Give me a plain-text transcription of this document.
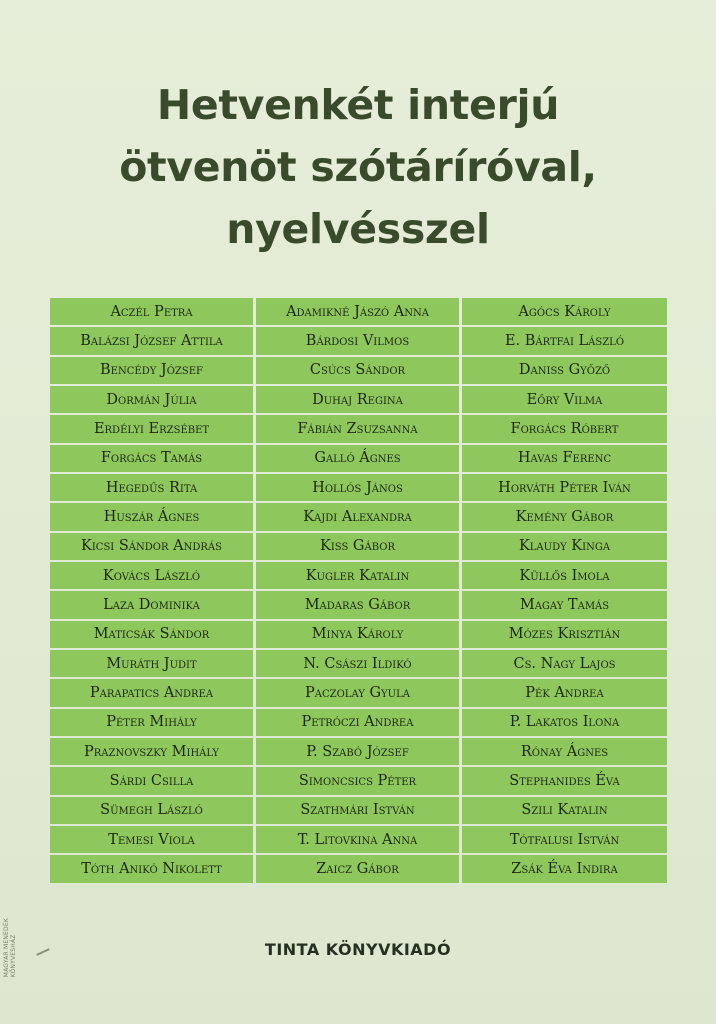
Hetvenkét interjú
ötvenöt szótáríróval,
nyelvésszel
Aczél Petra	Adamikné Jászó Anna	Agócs Károly
Balázsi József Attila	Bárdosi Vilmos	E. Bártfai László
Bencédy József	Csúcs Sándor	Daniss Győző
Dormán Júlia	Duhaj Regina	Eőry Vilma
Erdélyi Erzsébet	Fábián Zsuzsanna	Forgács Róbert
Forgács Tamás	Galló Ágnes	Havas Ferenc
Hegedűs Rita	Hollós János	Horváth Péter Iván
Huszár Ágnes	Kajdi Alexandra	Kemény Gábor
Kicsi Sándor András	Kiss Gábor	Klaudy Kinga
Kovács László	Kugler Katalin	Küllős Imola
Laza Dominika	Madaras Gábor	Magay Tamás
Maticsák Sándor	Minya Károly	Mózes Krisztián
Muráth Judit	N. Császi Ildikó	Cs. Nagy Lajos
Parapatics Andrea	Paczolay Gyula	Pék Andrea
Péter Mihály	Petróczi Andrea	P. Lakatos Ilona
Praznovszky Mihály	P. Szabó József	Rónay Ágnes
Sárdi Csilla	Simoncsics Péter	Stephanides Éva
Sümegh László	Szathmári István	Szili Katalin
Temesi Viola	T. Litovkina Anna	Tótfalusi István
Tóth Anikó Nikolett	Zaicz Gábor	Zsák Éva Indira
TINTA KÖNYVKIADÓ
MAGYAR MENEDÉK KÖNYVESHÁZ
